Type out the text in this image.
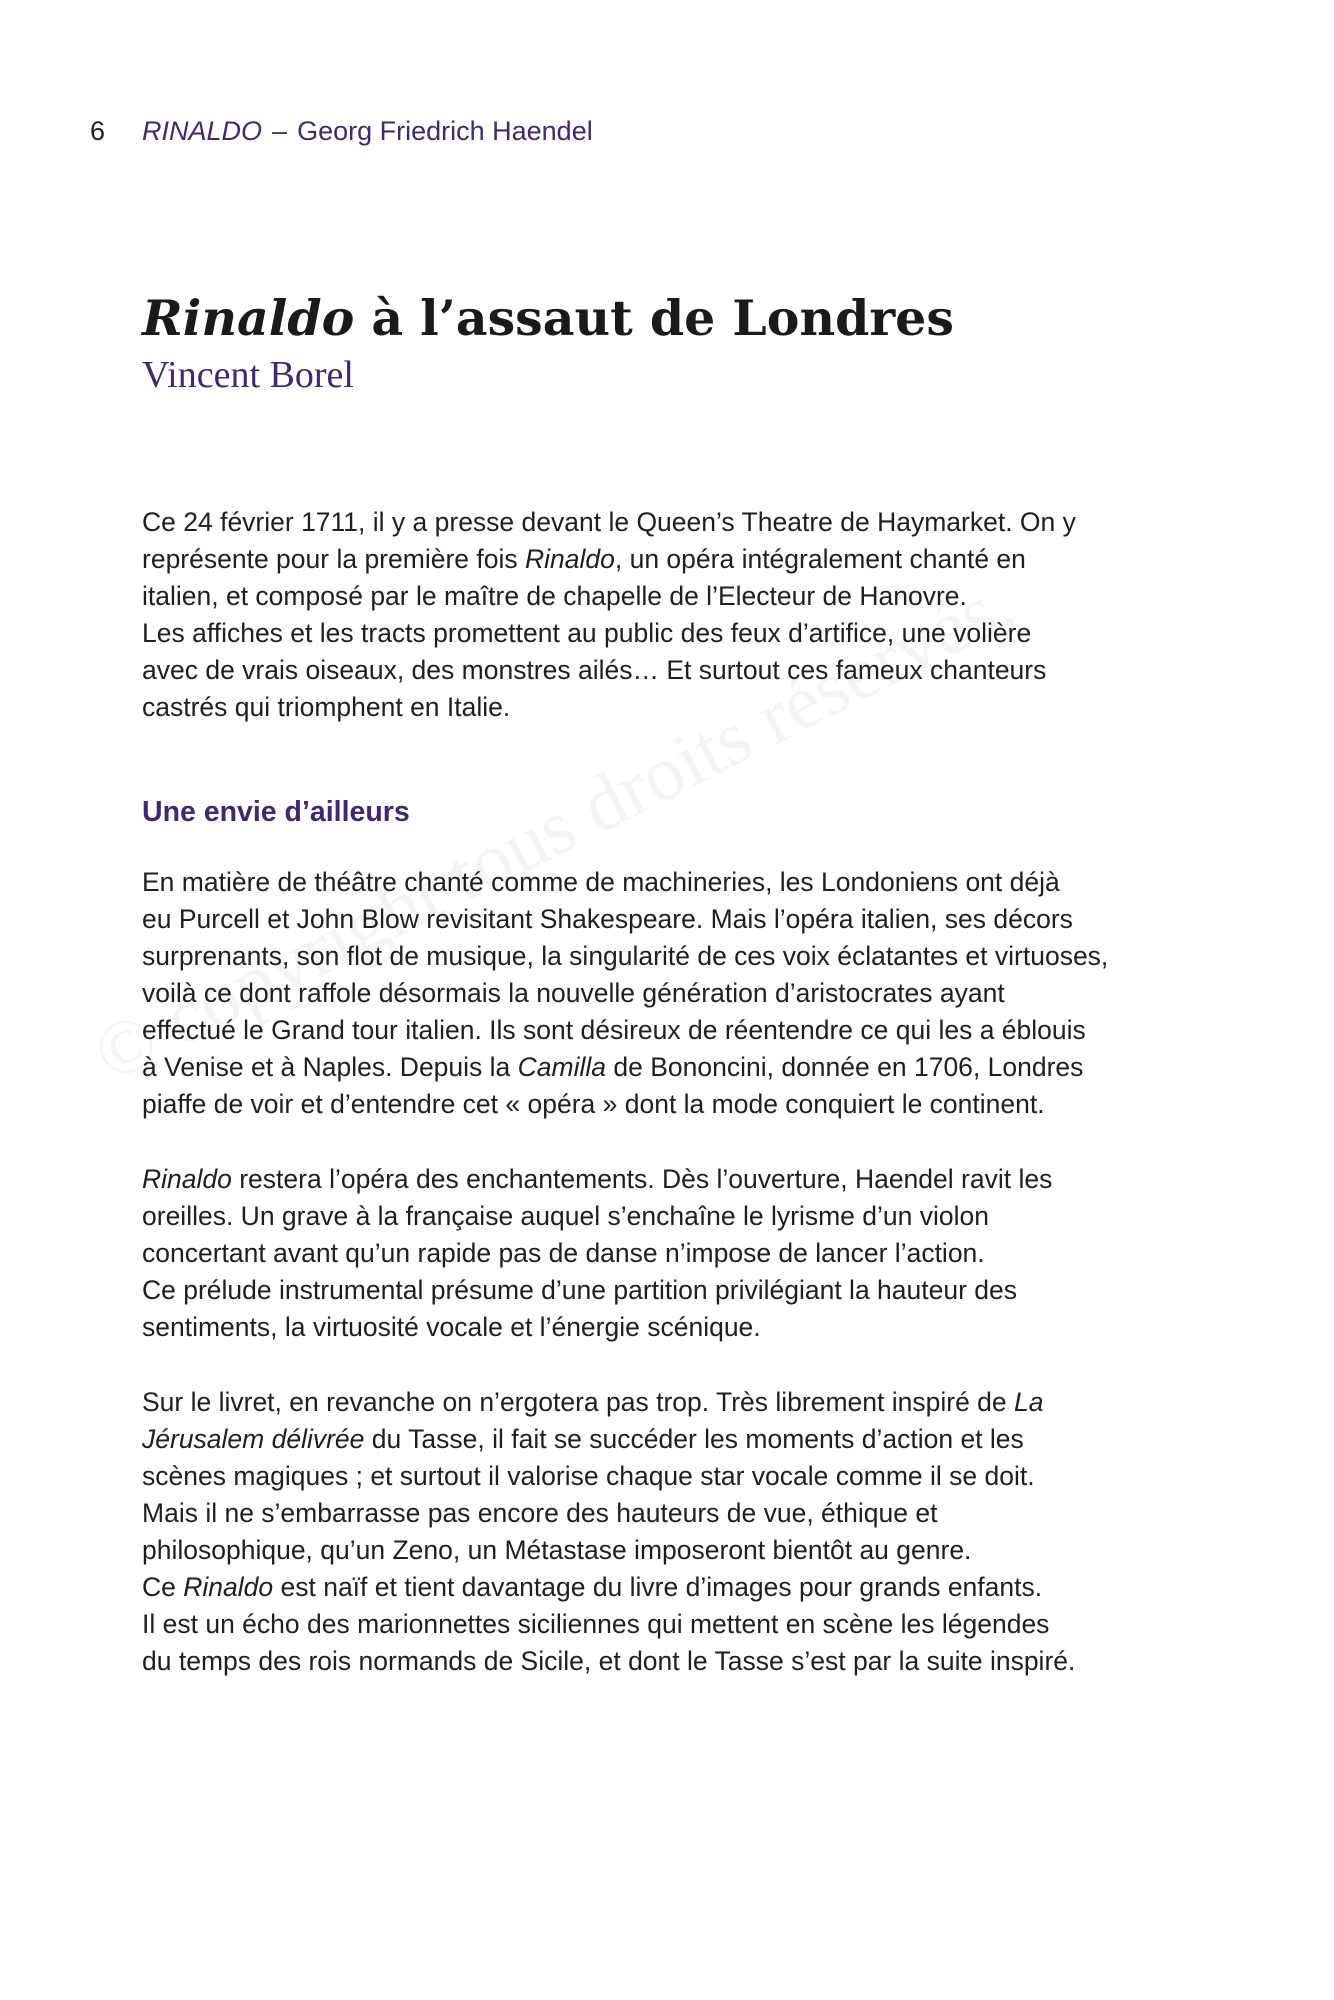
6 RINALDO – Georg Friedrich Haendel
Rinaldo à l’assaut de Londres

Vincent Borel

Ce 24 février 1711, il y a presse devant le Queen’s Theatre de Haymarket. On y
représente pour la première fois Rinaldo, un opéra intégralement chanté en
italien, et composé par le maître de chapelle de l’Electeur de Hanovre.
Les affiches et les tracts promettent au public des feux d’artifice, une volière
avec de vrais oiseaux, des monstres ailés… Et surtout ces fameux chanteurs
castrés qui triomphent en Italie.
Une envie d’ailleurs
En matière de théâtre chanté comme de machineries, les Londoniens ont déjà
eu Purcell et John Blow revisitant Shakespeare. Mais l’opéra italien, ses décors
surprenants, son flot de musique, la singularité de ces voix éclatantes et virtuoses,
voilà ce dont raffole désormais la nouvelle génération d’aristocrates ayant
effectué le Grand tour italien. Ils sont désireux de réentendre ce qui les a éblouis
à Venise et à Naples. Depuis la Camilla de Bononcini, donnée en 1706, Londres
piaffe de voir et d’entendre cet « opéra » dont la mode conquiert le continent.
Rinaldo restera l’opéra des enchantements. Dès l’ouverture, Haendel ravit les
oreilles. Un grave à la française auquel s’enchaîne le lyrisme d’un violon
concertant avant qu’un rapide pas de danse n’impose de lancer l’action.
Ce prélude instrumental présume d’une partition privilégiant la hauteur des
sentiments, la virtuosité vocale et l’énergie scénique.
Sur le livret, en revanche on n’ergotera pas trop. Très librement inspiré de La
Jérusalem délivrée du Tasse, il fait se succéder les moments d’action et les
scènes magiques ; et surtout il valorise chaque star vocale comme il se doit.
Mais il ne s’embarrasse pas encore des hauteurs de vue, éthique et
philosophique, qu’un Zeno, un Métastase imposeront bientôt au genre.
Ce Rinaldo est naïf et tient davantage du livre d’images pour grands enfants.
Il est un écho des marionnettes siciliennes qui mettent en scène les légendes
du temps des rois normands de Sicile, et dont le Tasse s’est par la suite inspiré.
